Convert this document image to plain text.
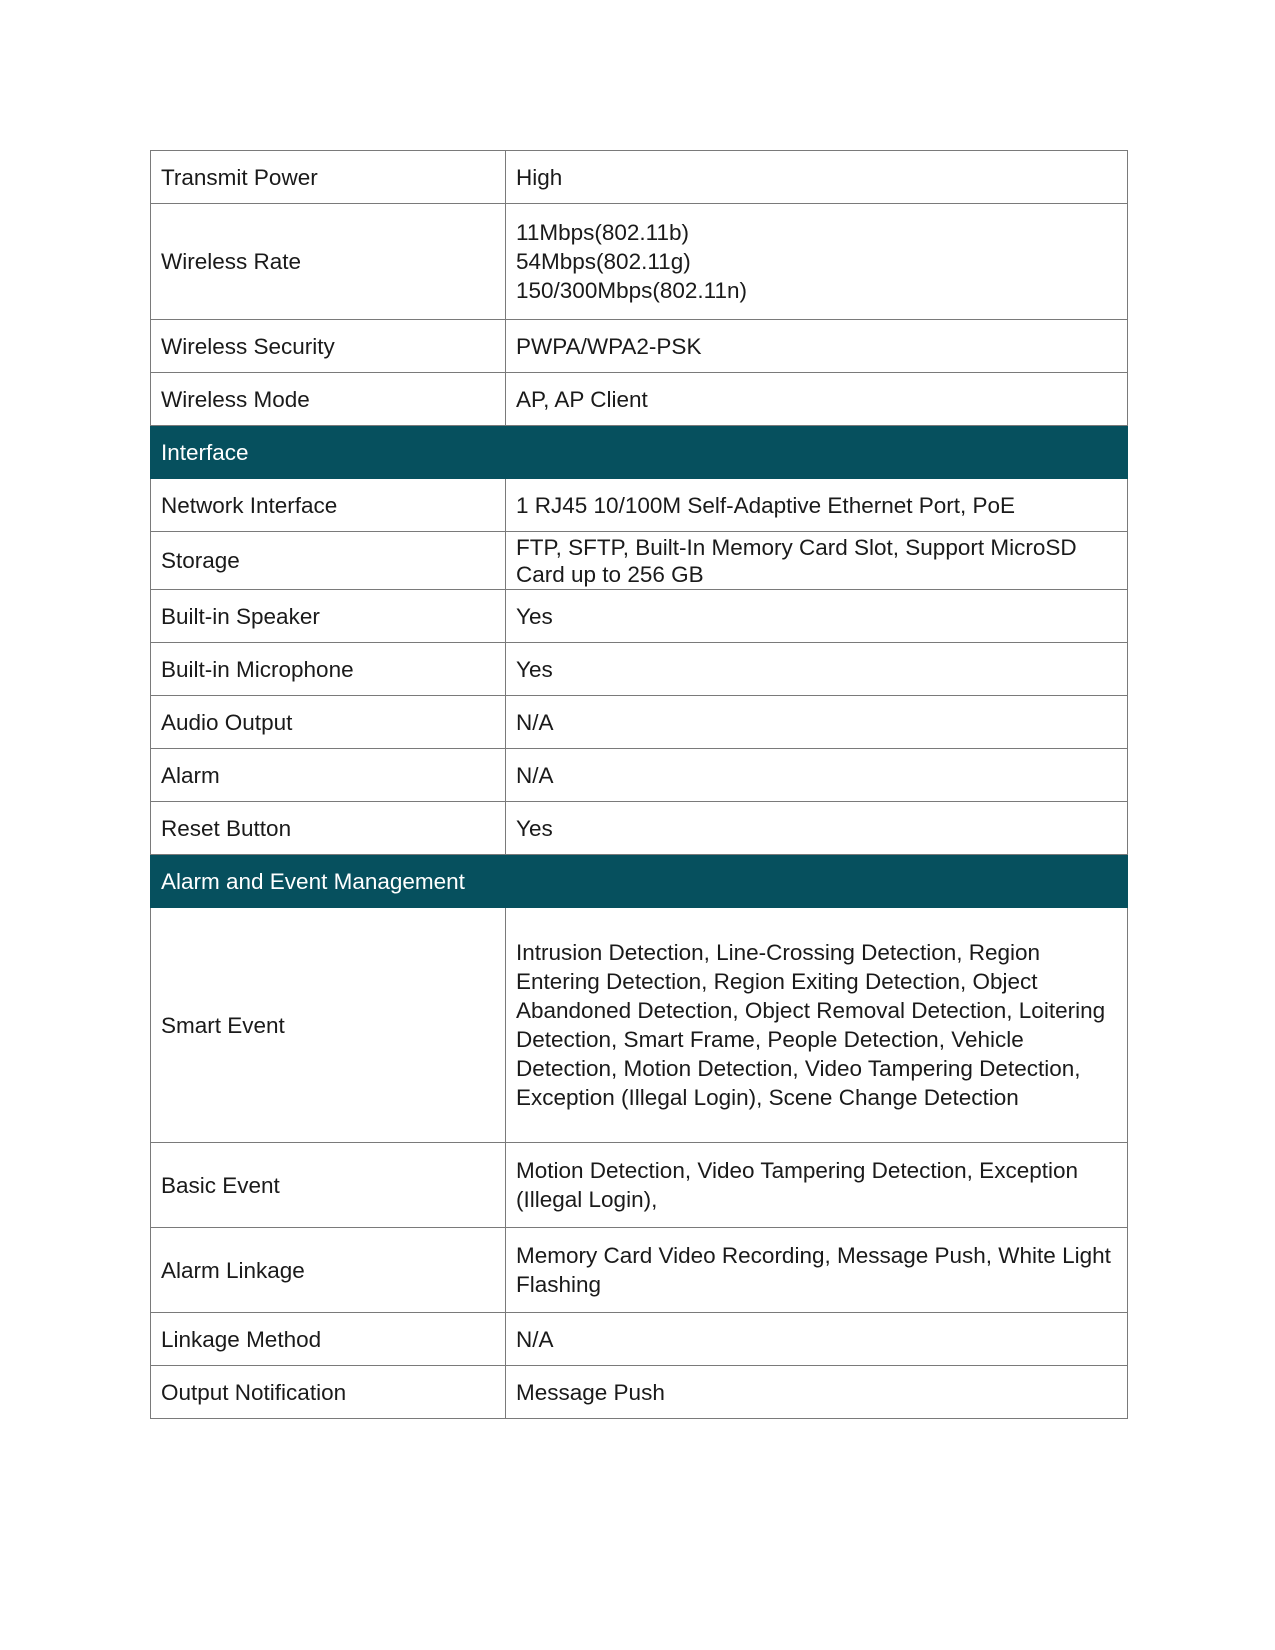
Transmit Power	High

Wireless Rate	11Mbps(802.11b)
54Mbps(802.11g)
150/300Mbps(802.11n)

Wireless Security	PWPA/WPA2-PSK

Wireless Mode	AP, AP Client

Interface	
Network Interface	1 RJ45 10/100M Self-Adaptive Ethernet Port, PoE

Storage	FTP, SFTP, Built-In Memory Card Slot, Support MicroSD Card up to 256 GB

Built-in Speaker	Yes

Built-in Microphone	Yes

Audio Output	N/A

Alarm	N/A

Reset Button	Yes

Alarm and Event Management	
Smart Event	Intrusion Detection, Line-Crossing Detection, Region Entering Detection, Region Exiting Detection, Object Abandoned Detection, Object Removal Detection, Loitering Detection, Smart Frame, People Detection, Vehicle Detection, Motion Detection, Video Tampering Detection, Exception (Illegal Login), Scene Change Detection

Basic Event	Motion Detection, Video Tampering Detection, Exception (Illegal Login),

Alarm Linkage	Memory Card Video Recording, Message Push, White Light Flashing

Linkage Method	N/A

Output Notification	Message Push
